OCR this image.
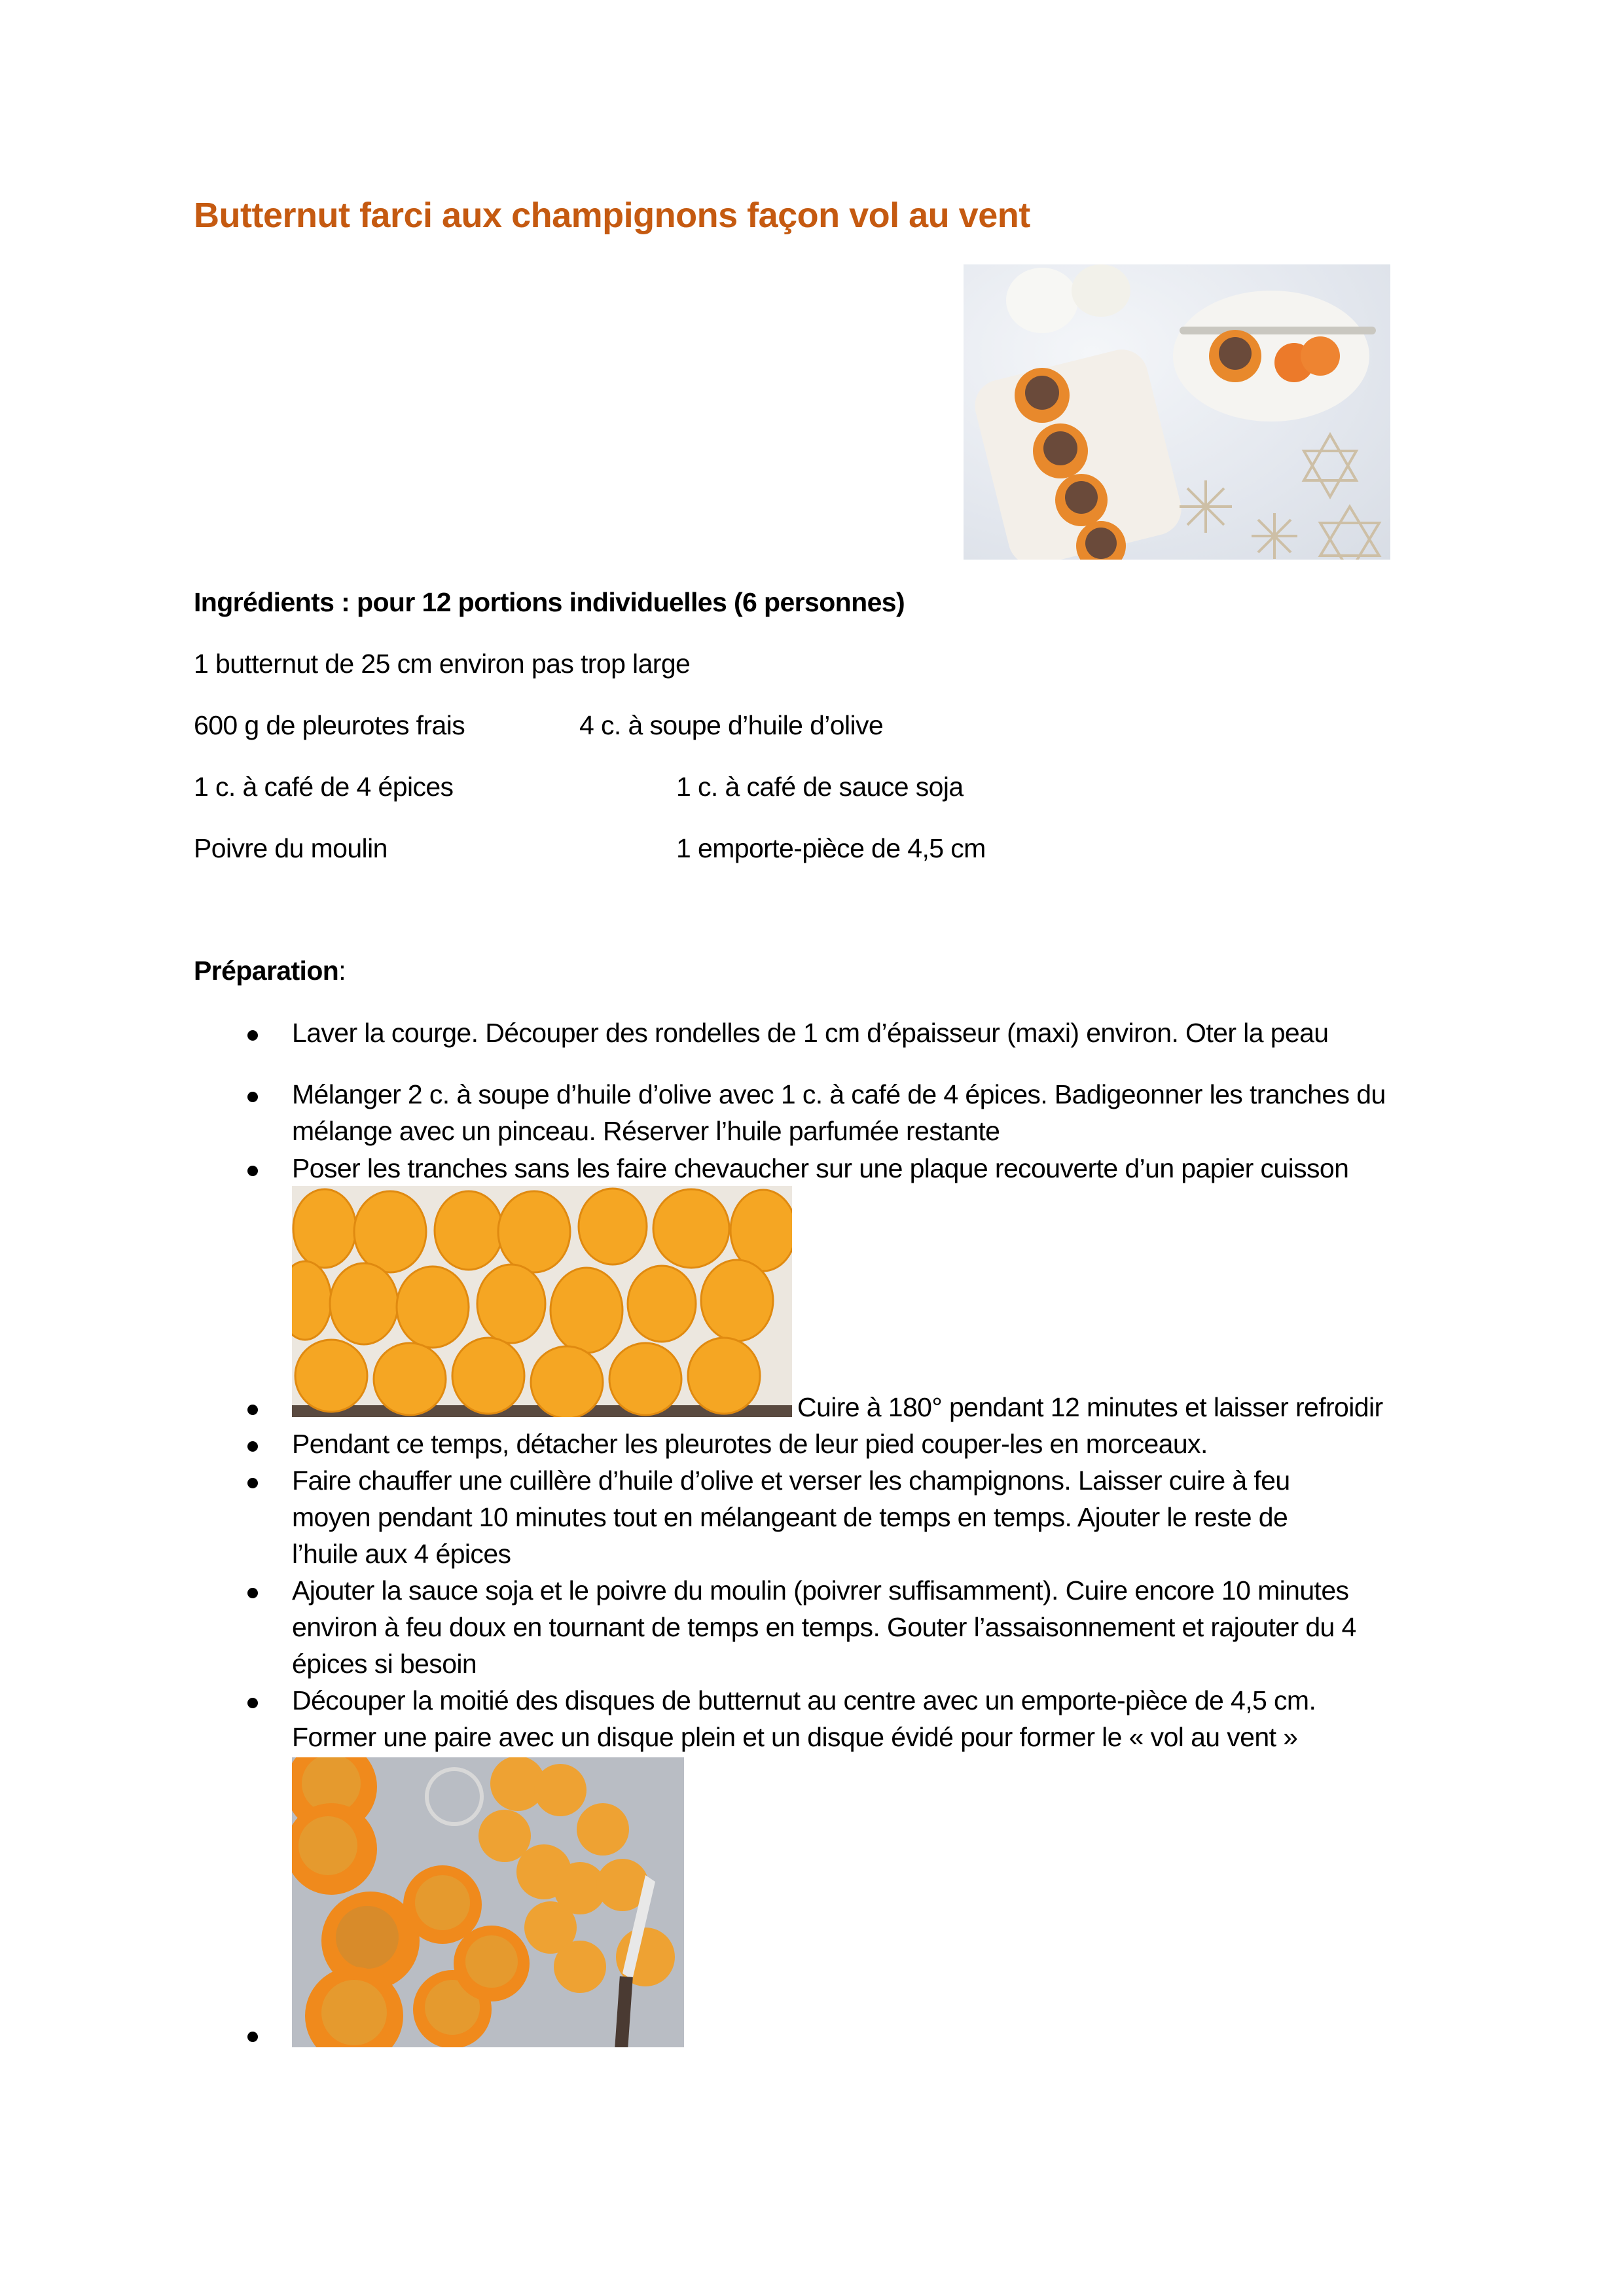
Butternut farci aux champignons façon vol au vent
Ingrédients : pour 12 portions individuelles (6 personnes)
1 butternut de 25 cm environ pas trop large
600 g de pleurotes frais	4 c. à soupe d’huile d’olive
1 c. à café de 4 épices	1 c. à café de sauce soja
Poivre du moulin	1 emporte-pièce de 4,5 cm
Préparation:
Laver la courge. Découper des rondelles de 1 cm d’épaisseur (maxi) environ. Oter la peau
Mélanger 2 c. à soupe d’huile d’olive avec 1 c. à café de 4 épices. Badigeonner les tranches du
mélange avec un pinceau. Réserver l’huile parfumée restante
Poser les tranches sans les faire chevaucher sur une plaque recouverte d’un papier cuisson
Cuire à 180° pendant 12 minutes et laisser refroidir
Pendant ce temps, détacher les pleurotes de leur pied couper-les en morceaux.
Faire chauffer une cuillère d’huile d’olive et verser les champignons. Laisser cuire à feu
moyen pendant 10 minutes tout en mélangeant de temps en temps. Ajouter le reste de
l’huile aux 4 épices
Ajouter la sauce soja et le poivre du moulin (poivrer suffisamment). Cuire encore 10 minutes
environ à feu doux en tournant de temps en temps. Gouter l’assaisonnement et rajouter du 4
épices si besoin
Découper la moitié des disques de butternut au centre avec un emporte-pièce de 4,5 cm.
Former une paire avec un disque plein et un disque évidé pour former le « vol au vent »
